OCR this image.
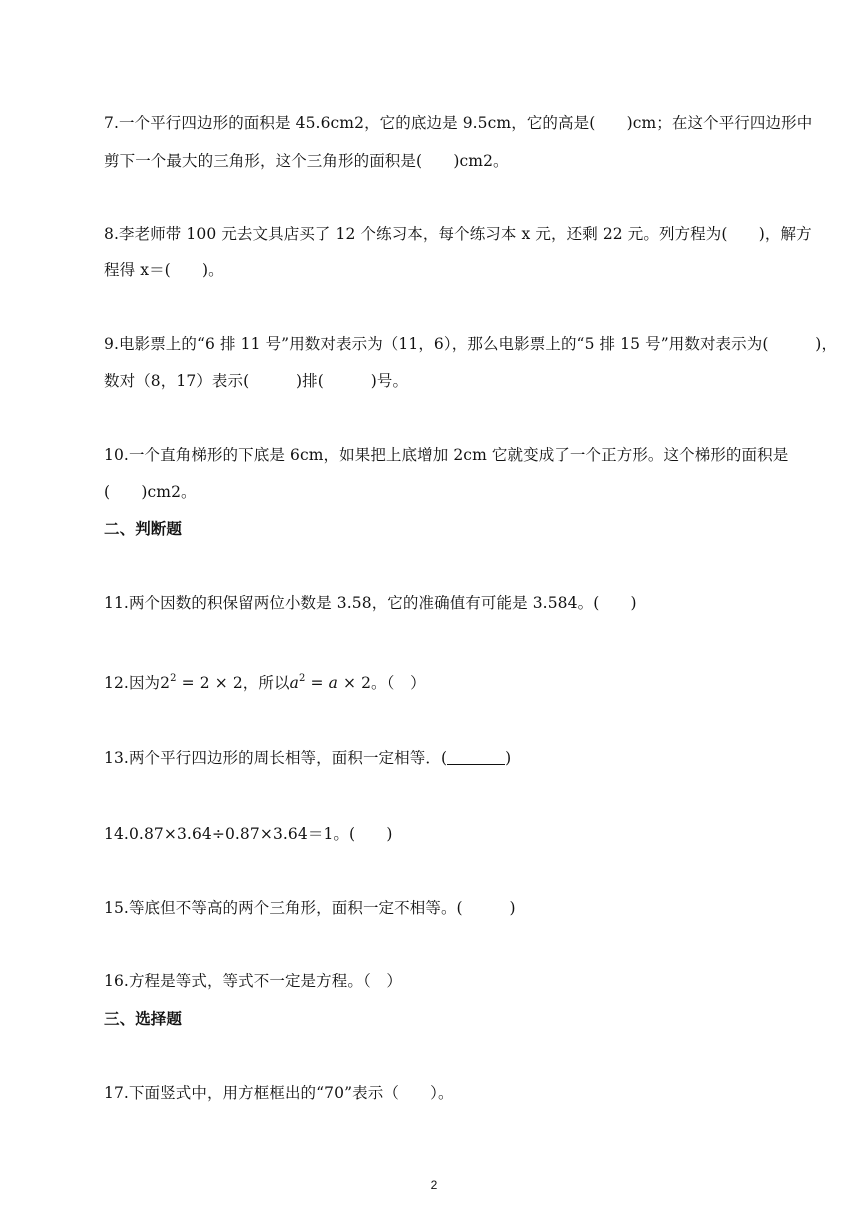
7.一个平行四边形的面积是 45.6cm2，它的底边是 9.5cm，它的高是(　　)cm；在这个平行四边形中
剪下一个最大的三角形，这个三角形的面积是(　　)cm2。
8.李老师带 100 元去文具店买了 12 个练习本，每个练习本 x 元，还剩 22 元。列方程为(　　)，解方
程得 x＝(　　)。
9.电影票上的“6 排 11 号”用数对表示为（11，6），那么电影票上的“5 排 15 号”用数对表示为(　　　)，
数对（8，17）表示(　　　)排(　　　)号。
10.一个直角梯形的下底是 6cm，如果把上底增加 2cm 它就变成了一个正方形。这个梯形的面积是
(　　)cm2。
二、判断题
11.两个因数的积保留两位小数是 3.58，它的准确值有可能是 3.584。(　　)
12.因为$2^2 = 2 \times 2$，所以$a^2 = a \times 2$。（　）
13.两个平行四边形的周长相等，面积一定相等．(	)
14.0.87×3.64÷0.87×3.64＝1。(　　)
15.等底但不等高的两个三角形，面积一定不相等。(　　　)
16.方程是等式，等式不一定是方程。（　）
三、选择题
17.下面竖式中，用方框框出的“70”表示（　　）。
2
